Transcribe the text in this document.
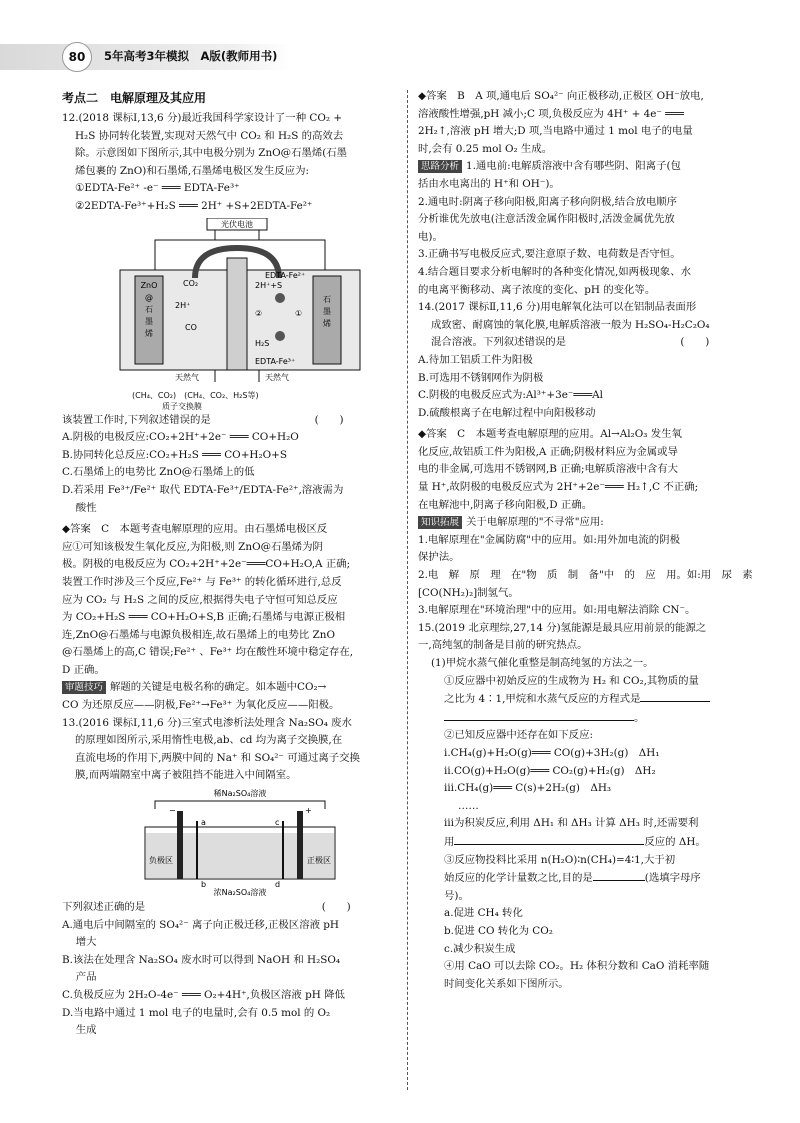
80	5年高考3年模拟　A版(教师用书)
考点二　电解原理及其应用

12.(2018 课标Ⅰ,13,6 分)最近我国科学家设计了一种 CO₂ +

H₂S 协同转化装置,实现对天然气中 CO₂ 和 H₂S 的高效去

除。示意图如下图所示,其中电极分别为 ZnO@石墨烯(石墨

烯包裹的 ZnO)和石墨烯,石墨烯电极区发生反应为:

①EDTA-Fe²⁺ -e⁻ ═══ EDTA-Fe³⁺

②2EDTA-Fe³⁺+H₂S ═══ 2H⁺ +S+2EDTA-Fe²⁺

光伏电池
ZnO
@
石
墨
烯
石
墨
烯
CO₂
CO
2H⁺
2H⁺+S
EDTA-Fe²⁺
EDTA-Fe³⁺
H₂S
②	①
天然气	天然气

(CH₄、CO₂)　 (CH₄、CO₂、H₂S等)

质子交换膜

该装置工作时,下列叙述错误的是　　　　　　　　　　(　　)

A.阴极的电极反应:CO₂+2H⁺+2e⁻ ═══ CO+H₂O

B.协同转化总反应:CO₂+H₂S ═══ CO+H₂O+S

C.石墨烯上的电势比 ZnO@石墨烯上的低

D.若采用 Fe³⁺/Fe²⁺ 取代 EDTA-Fe³⁺/EDTA-Fe²⁺,溶液需为

　 酸性

◆答案　C　本题考查电解原理的应用。由石墨烯电极区反

应①可知该极发生氧化反应,为阳极,则 ZnO@石墨烯为阴

极。阴极的电极反应为 CO₂+2H⁺+2e⁻═══CO+H₂O,A 正确;

装置工作时涉及三个反应,Fe²⁺ 与 Fe³⁺ 的转化循环进行,总反

应为 CO₂ 与 H₂S 之间的反应,根据得失电子守恒可知总反应

为 CO₂+H₂S ═══ CO+H₂O+S,B 正确;石墨烯与电源正极相

连,ZnO@石墨烯与电源负极相连,故石墨烯上的电势比 ZnO

@石墨烯上的高,C 错误;Fe²⁺ 、Fe³⁺ 均在酸性环境中稳定存在,

D 正确。

审题技巧 解题的关键是电极名称的确定。如本题中CO₂→

CO 为还原反应——阴极,Fe²⁺→Fe³⁺ 为氧化反应——阳极。

13.(2016 课标Ⅰ,11,6 分)三室式电渗析法处理含 Na₂SO₄ 废水

的原理如图所示,采用惰性电极,ab、cd 均为离子交换膜,在

直流电场的作用下,两膜中间的 Na⁺ 和 SO₄²⁻ 可通过离子交换

膜,而两端隔室中离子被阻挡不能进入中间隔室。

稀Na₂SO₄溶液
−	+
a
b
c
d
负极区	正极区
浓Na₂SO₄溶液

下列叙述正确的是　　　　　　　　　　　　　　　　　(　　)

A.通电后中间隔室的 SO₄²⁻ 离子向正极迁移,正极区溶液 pH

　 增大

B.该法在处理含 Na₂SO₄ 废水时可以得到 NaOH 和 H₂SO₄

　 产品

C.负极反应为 2H₂O-4e⁻ ═══ O₂+4H⁺,负极区溶液 pH 降低

D.当电路中通过 1 mol 电子的电量时,会有 0.5 mol 的 O₂

　 生成

◆答案　B　A 项,通电后 SO₄²⁻ 向正极移动,正极区 OH⁻放电,

溶液酸性增强,pH 减小;C 项,负极反应为 4H⁺ + 4e⁻ ═══

2H₂↑,溶液 pH 增大;D 项,当电路中通过 1 mol 电子的电量

时,会有 0.25 mol O₂ 生成。

思路分析 1.通电前:电解质溶液中含有哪些阴、阳离子(包

括由水电离出的 H⁺和 OH⁻)。

2.通电时:阴离子移向阳极,阳离子移向阴极,结合放电顺序

分析谁优先放电(注意活泼金属作阳极时,活泼金属优先放

电)。

3.正确书写电极反应式,要注意原子数、电荷数是否守恒。

4.结合题目要求分析电解时的各种变化情况,如两极现象、水

的电离平衡移动、离子浓度的变化、pH 的变化等。

14.(2017 课标Ⅱ,11,6 分)用电解氧化法可以在铝制品表面形

成致密、耐腐蚀的氧化膜,电解质溶液一般为 H₂SO₄-H₂C₂O₄

混合溶液。下列叙述错误的是　　　　　　　　　　　(　　)

A.待加工铝质工件为阳极

B.可选用不锈钢网作为阴极

C.阴极的电极反应式为:Al³⁺+3e⁻═══Al

D.硫酸根离子在电解过程中向阳极移动

◆答案　C　本题考查电解原理的应用。Al→Al₂O₃ 发生氧

化反应,故铝质工件为阳极,A 正确;阴极材料应为金属或导

电的非金属,可选用不锈钢网,B 正确;电解质溶液中含有大

量 H⁺,故阴极的电极反应式为 2H⁺+2e⁻═══ H₂↑,C 不正确;

在电解池中,阴离子移向阳极,D 正确。

知识拓展 关于电解原理的"不寻常"应用:

1.电解原理在"金属防腐"中的应用。如:用外加电流的阴极

保护法。

2.电　解　原　理　在"物　质　制　备"中　的　应　用。如:用　尿　素

[CO(NH₂)₂]制氢气。

3.电解原理在"环境治理"中的应用。如:用电解法消除 CN⁻。

15.(2019 北京理综,27,14 分)氢能源是最具应用前景的能源之

一,高纯氢的制备是目前的研究热点。

(1)甲烷水蒸气催化重整是制高纯氢的方法之一。

①反应器中初始反应的生成物为 H₂ 和 CO₂,其物质的量

之比为 4∶1,甲烷和水蒸气反应的方程式是

。

②已知反应器中还存在如下反应:

ⅰ.CH₄(g)+H₂O(g)═══ CO(g)+3H₂(g)　ΔH₁

ⅱ.CO(g)+H₂O(g)═══ CO₂(g)+H₂(g)　ΔH₂

ⅲ.CH₄(g)═══ C(s)+2H₂(g)　ΔH₃

……

ⅲ为积炭反应,利用 ΔH₁ 和 ΔH₃ 计算 ΔH₃ 时,还需要利

用	反应的 ΔH。

③反应物投料比采用 n(H₂O)∶n(CH₄)=4∶1,大于初

始反应的化学计量数之比,目的是	(选填字母序

号)。

a.促进 CH₄ 转化

b.促进 CO 转化为 CO₂

c.减少积炭生成

④用 CaO 可以去除 CO₂。H₂ 体积分数和 CaO 消耗率随

时间变化关系如下图所示。
